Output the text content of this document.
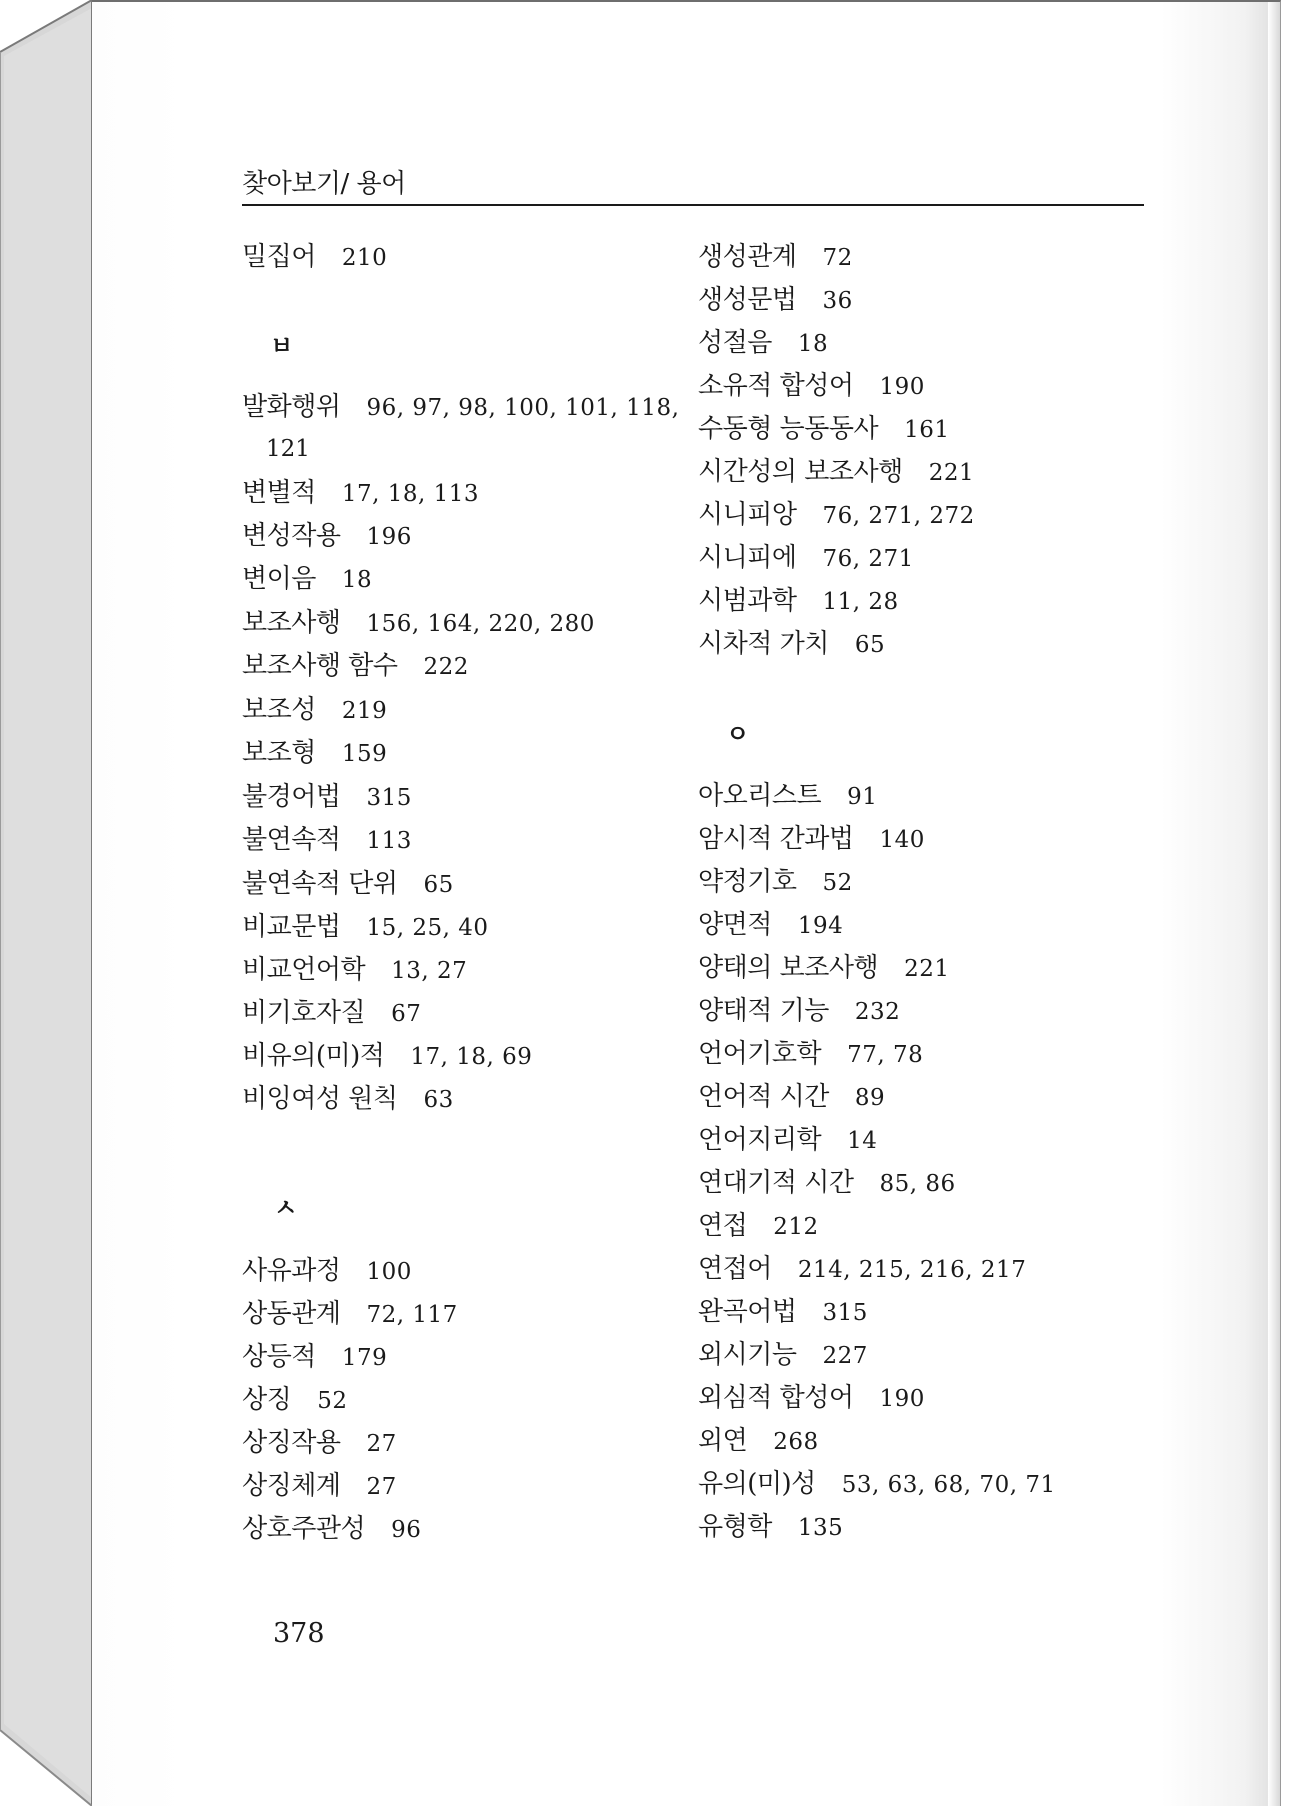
찾아보기/ 용어
밀집어 210
ㅂ
발화행위 96, 97, 98, 100, 101, 118,
121
변별적 17, 18, 113
변성작용 196
변이음 18
보조사행 156, 164, 220, 280
보조사행 함수 222
보조성 219
보조형 159
불경어법 315
불연속적 113
불연속적 단위 65
비교문법 15, 25, 40
비교언어학 13, 27
비기호자질 67
비유의(미)적 17, 18, 69
비잉여성 원칙 63
ㅅ
사유과정 100
상동관계 72, 117
상등적 179
상징 52
상징작용 27
상징체계 27
상호주관성 96
생성관계 72
생성문법 36
성절음 18
소유적 합성어 190
수동형 능동동사 161
시간성의 보조사행 221
시니피앙 76, 271, 272
시니피에 76, 271
시범과학 11, 28
시차적 가치 65
ㅇ
아오리스트 91
암시적 간과법 140
약정기호 52
양면적 194
양태의 보조사행 221
양태적 기능 232
언어기호학 77, 78
언어적 시간 89
언어지리학 14
연대기적 시간 85, 86
연접 212
연접어 214, 215, 216, 217
완곡어법 315
외시기능 227
외심적 합성어 190
외연 268
유의(미)성 53, 63, 68, 70, 71
유형학 135
378
